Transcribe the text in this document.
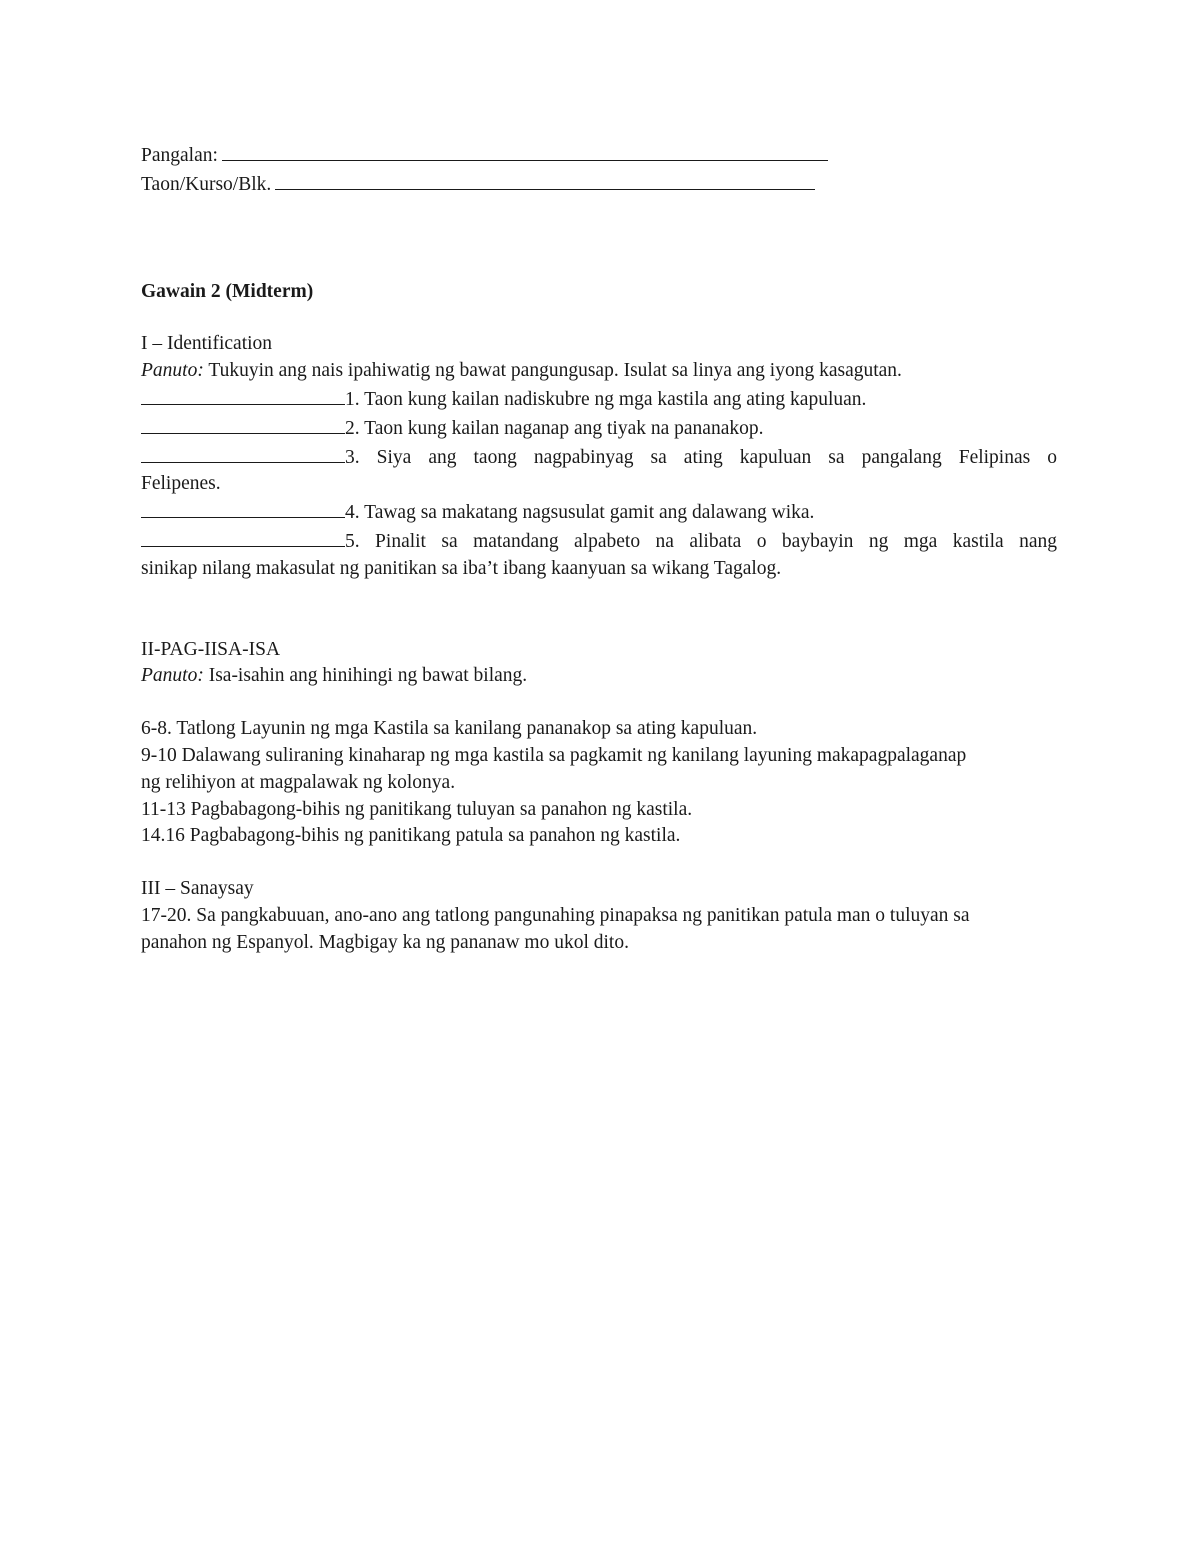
Pangalan:
Taon/Kurso/Blk.
Gawain 2 (Midterm)
I – Identification
Panuto: Tukuyin ang nais ipahiwatig ng bawat pangungusap. Isulat sa linya ang iyong kasagutan.
1. Taon kung kailan nadiskubre ng mga kastila ang ating kapuluan.
2. Taon kung kailan naganap ang tiyak na pananakop.
3. Siya ang taong nagpabinyag sa ating kapuluan sa pangalang Felipinas o
Felipenes.
4. Tawag sa makatang nagsusulat gamit ang dalawang wika.
5. Pinalit sa matandang alpabeto na alibata o baybayin ng mga kastila nang
sinikap nilang makasulat ng panitikan sa iba’t ibang kaanyuan sa wikang Tagalog.
II-PAG-IISA-ISA
Panuto: Isa-isahin ang hinihingi ng bawat bilang.
6-8. Tatlong Layunin ng mga Kastila sa kanilang pananakop sa ating kapuluan.
9-10 Dalawang suliraning kinaharap ng mga kastila sa pagkamit ng kanilang layuning makapagpalaganap
ng relihiyon at magpalawak ng kolonya.
11-13 Pagbabagong-bihis ng panitikang tuluyan sa panahon ng kastila.
14.16 Pagbabagong-bihis ng panitikang patula sa panahon ng kastila.
III – Sanaysay
17-20. Sa pangkabuuan, ano-ano ang tatlong pangunahing pinapaksa ng panitikan patula man o tuluyan sa
panahon ng Espanyol. Magbigay ka ng pananaw mo ukol dito.
